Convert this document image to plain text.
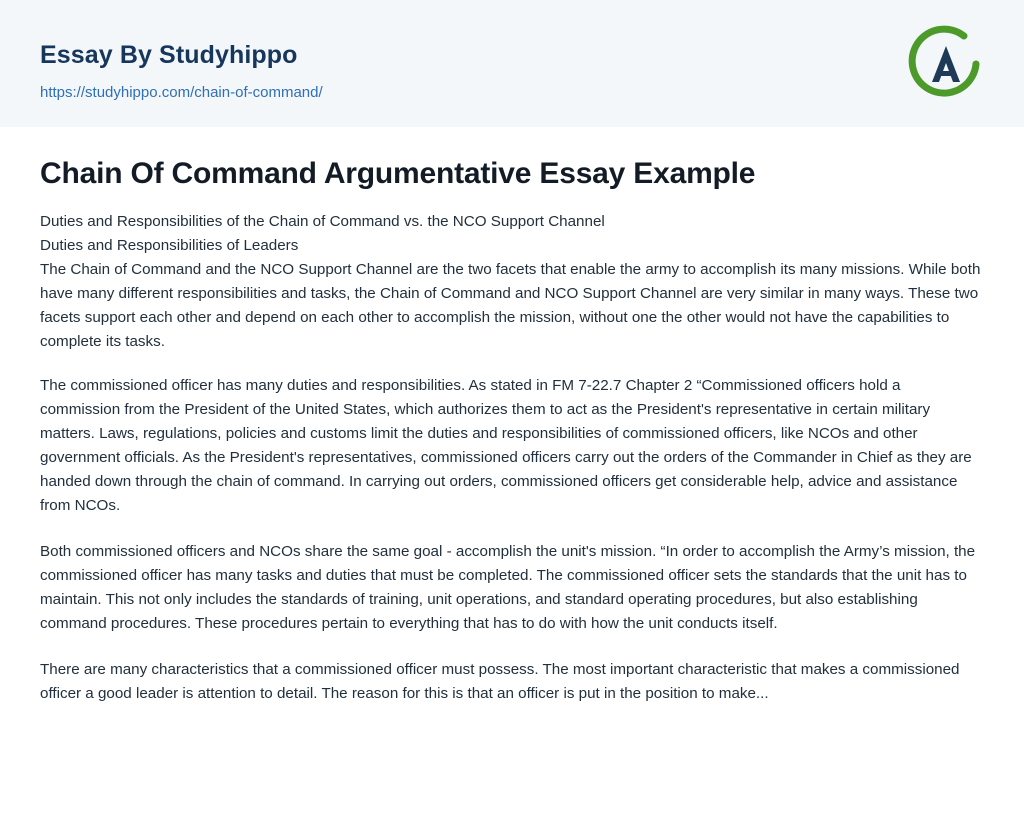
Essay By Studyhippo
https://studyhippo.com/chain-of-command/
Chain Of Command Argumentative Essay Example

Duties and Responsibilities of the Chain of Command vs. the NCO Support Channel

Duties and Responsibilities of Leaders

The Chain of Command and the NCO Support Channel are the two facets that enable the army to accomplish its many missions. While both have many different responsibilities and tasks, the Chain of Command and NCO Support Channel are very similar in many ways. These two facets support each other and depend on each other to accomplish the mission, without one the other would not have the capabilities to complete its tasks.

The commissioned officer has many duties and responsibilities. As stated in FM 7-22.7 Chapter 2 “Commissioned officers hold a commission from the President of the United States, which authorizes them to act as the President's representative in certain military matters. Laws, regulations, policies and customs limit the duties and responsibilities of commissioned officers, like NCOs and other government officials. As the President's representatives, commissioned officers carry out the orders of the Commander in Chief as they are handed down through the chain of command. In carrying out orders, commissioned officers get considerable help, advice and assistance from NCOs.

Both commissioned officers and NCOs share the same goal - accomplish the unit's mission. “In order to accomplish the Army’s mission, the commissioned officer has many tasks and duties that must be completed. The commissioned officer sets the standards that the unit has to maintain. This not only includes the standards of training, unit operations, and standard operating procedures, but also establishing command procedures. These procedures pertain to everything that has to do with how the unit conducts itself.

There are many characteristics that a commissioned officer must possess. The most important characteristic that makes a commissioned officer a good leader is attention to detail. The reason for this is that an officer is put in the position to make...
